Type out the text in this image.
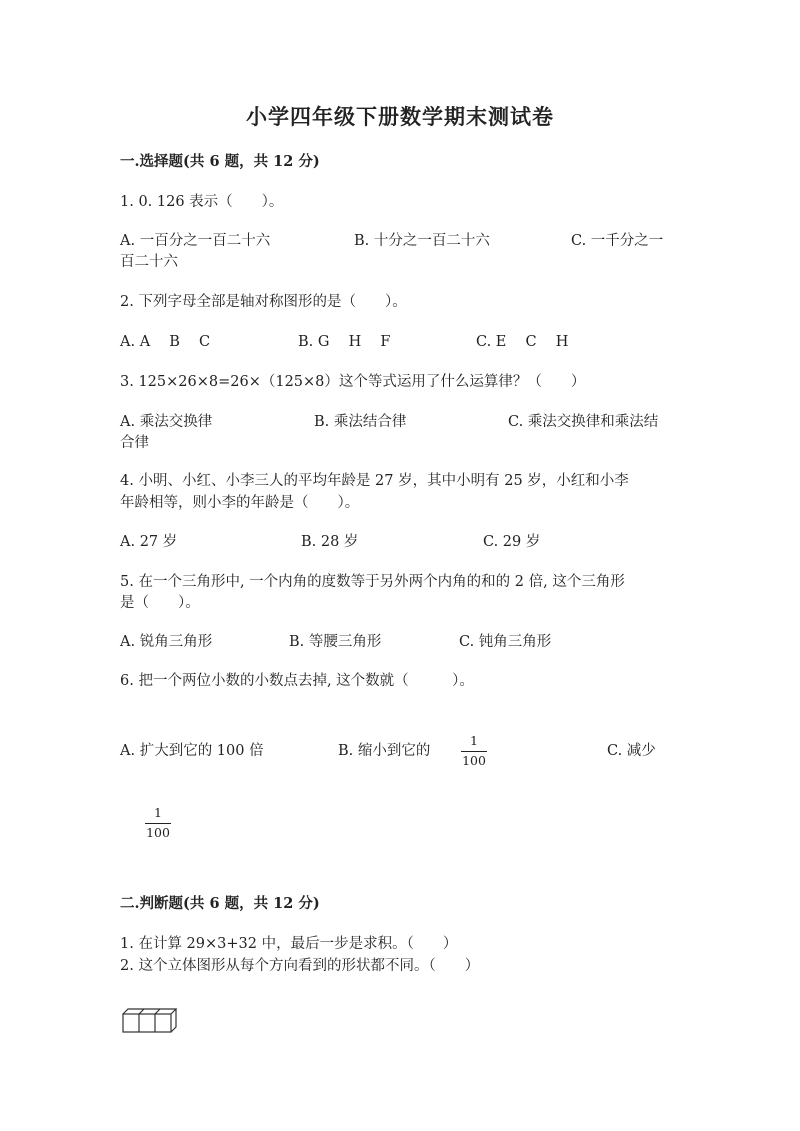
小学四年级下册数学期末测试卷
一.选择题(共 6 题，共 12 分)
1. 0. 126 表示（　　）。
A. 一百分之一百二十六	B. 十分之一百二十六	C. 一千分之一
百二十六
2. 下列字母全部是轴对称图形的是（　　）。
A. A　 B　 C	B. G　 H　 F	C. E　 C　 H
3. 125×26×8=26×（125×8）这个等式运用了什么运算律？（　　）
A. 乘法交换律	B. 乘法结合律	C. 乘法交换律和乘法结
合律
4. 小明、小红、小李三人的平均年龄是 27 岁，其中小明有 25 岁，小红和小李
年龄相等，则小李的年龄是（　　）。
A. 27 岁	B. 28 岁	C. 29 岁
5. 在一个三角形中, 一个内角的度数等于另外两个内角的和的 2 倍, 这个三角形
是（　　）。
A. 锐角三角形	B. 等腰三角形	C. 钝角三角形
6. 把一个两位小数的小数点去掉, 这个数就（　　　）。
A. 扩大到它的 100 倍	B. 缩小到它的
1
100
C. 减少
1
100
二.判断题(共 6 题，共 12 分)
1. 在计算 29×3+32 中，最后一步是求积。（　　）
2. 这个立体图形从每个方向看到的形状都不同。（　　）
